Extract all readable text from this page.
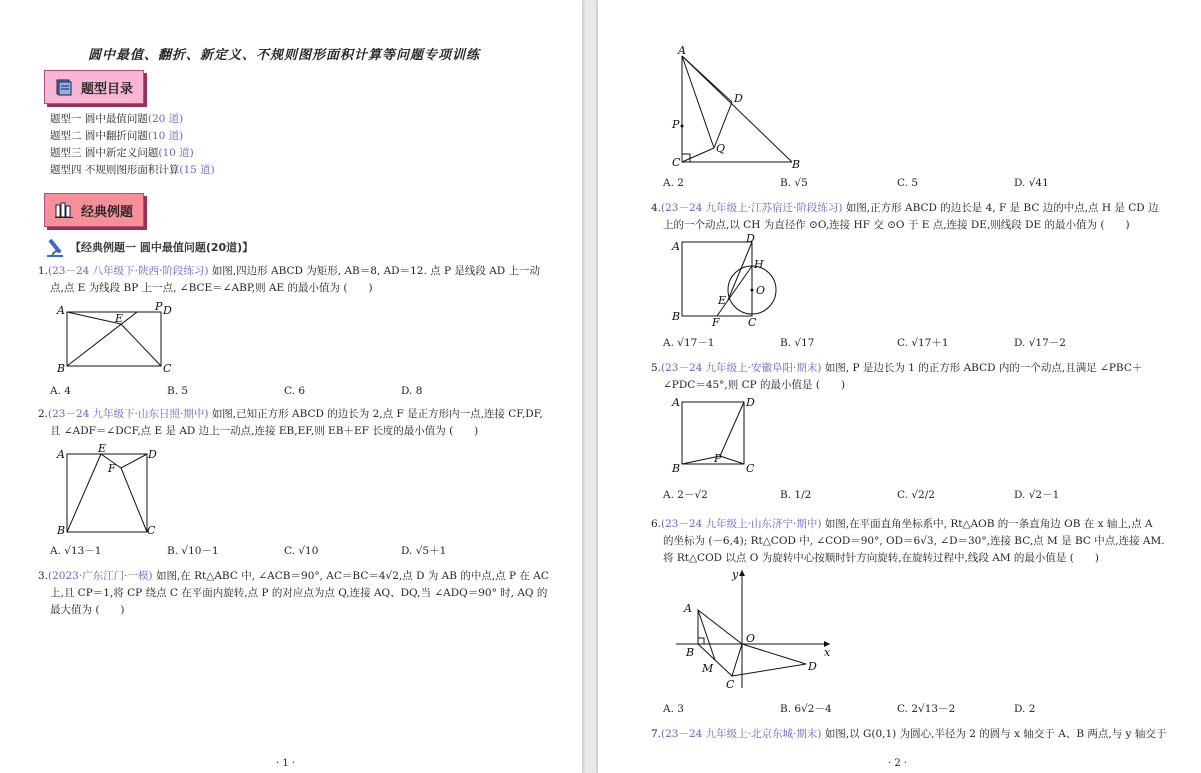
圆中最值、翻折、新定义、不规则图形面积计算等问题专项训练
题型目录
题型一 圆中最值问题(20 道)
题型二 圆中翻折问题(10 道)
题型三 圆中新定义问题(10 道)
题型四 不规则图形面积计算(15 道)
经典例题
【经典例题一 圆中最值问题(20道)】
1.(23－24 八年级下·陕西·阶段练习) 如图,四边形 ABCD 为矩形, AB＝8, AD＝12. 点 P 是线段 AD 上一动
点,点 E 为线段 BP 上一点, ∠BCE＝∠ABP,则 AE 的最小值为 (　　)
A	P D
B	C
E
A. 4	B. 5	C. 6	D. 8
2.(23－24 九年级下·山东日照·期中) 如图,已知正方形 ABCD 的边长为 2,点 F 是正方形内一点,连接 CF,DF,
且 ∠ADF＝∠DCF,点 E 是 AD 边上一动点,连接 EB,EF,则 EB＋EF 长度的最小值为 (　　)
A	E	D
F
B	C
A. √13－1	B. √10－1	C. √10	D. √5＋1
3.(2023·广东江门·一模) 如图,在 Rt△ABC 中, ∠ACB＝90°, AC＝BC＝4√2,点 D 为 AB 的中点,点 P 在 AC
上,且 CP＝1,将 CP 绕点 C 在平面内旋转,点 P 的对应点为点 Q,连接 AQ、DQ,当 ∠ADQ＝90° 时, AQ 的
最大值为 (　　)
· 1 ·
A
D
P
Q
C	B
A. 2	B. √5	C. 5	D. √41
4.(23－24 九年级上·江苏宿迁·阶段练习) 如图,正方形 ABCD 的边长是 4, F 是 BC 边的中点,点 H 是 CD 边
上的一个动点,以 CH 为直径作 ⊙O,连接 HF 交 ⊙O 于 E 点,连接 DE,则线段 DE 的最小值为 (　　)
A
D
H
O
E
B	F	C
A. √17－1	B. √17	C. √17＋1	D. √17－2
5.(23－24 九年级上·安徽阜阳·期末) 如图, P 是边长为 1 的正方形 ABCD 内的一个动点,且满足 ∠PBC＋
∠PDC＝45°,则 CP 的最小值是 (　　)
A	D
B
P
C
A. 2－√2	B. 1/2	C. √2/2	D. √2－1
6.(23－24 九年级上·山东济宁·期中) 如图,在平面直角坐标系中, Rt△AOB 的一条直角边 OB 在 x 轴上,点 A
的坐标为 (－6,4); Rt△COD 中, ∠COD＝90°, OD＝6√3, ∠D＝30°,连接 BC,点 M 是 BC 中点,连接 AM.
将 Rt△COD 以点 O 为旋转中心按顺时针方向旋转,在旋转过程中,线段 AM 的最小值是 (　　)
A
B
y
O
x
M	D
C
A. 3	B. 6√2－4	C. 2√13－2	D. 2
7.(23－24 九年级上·北京东城·期末) 如图,以 G(0,1) 为圆心,半径为 2 的圆与 x 轴交于 A、B 两点,与 y 轴交于
· 2 ·
